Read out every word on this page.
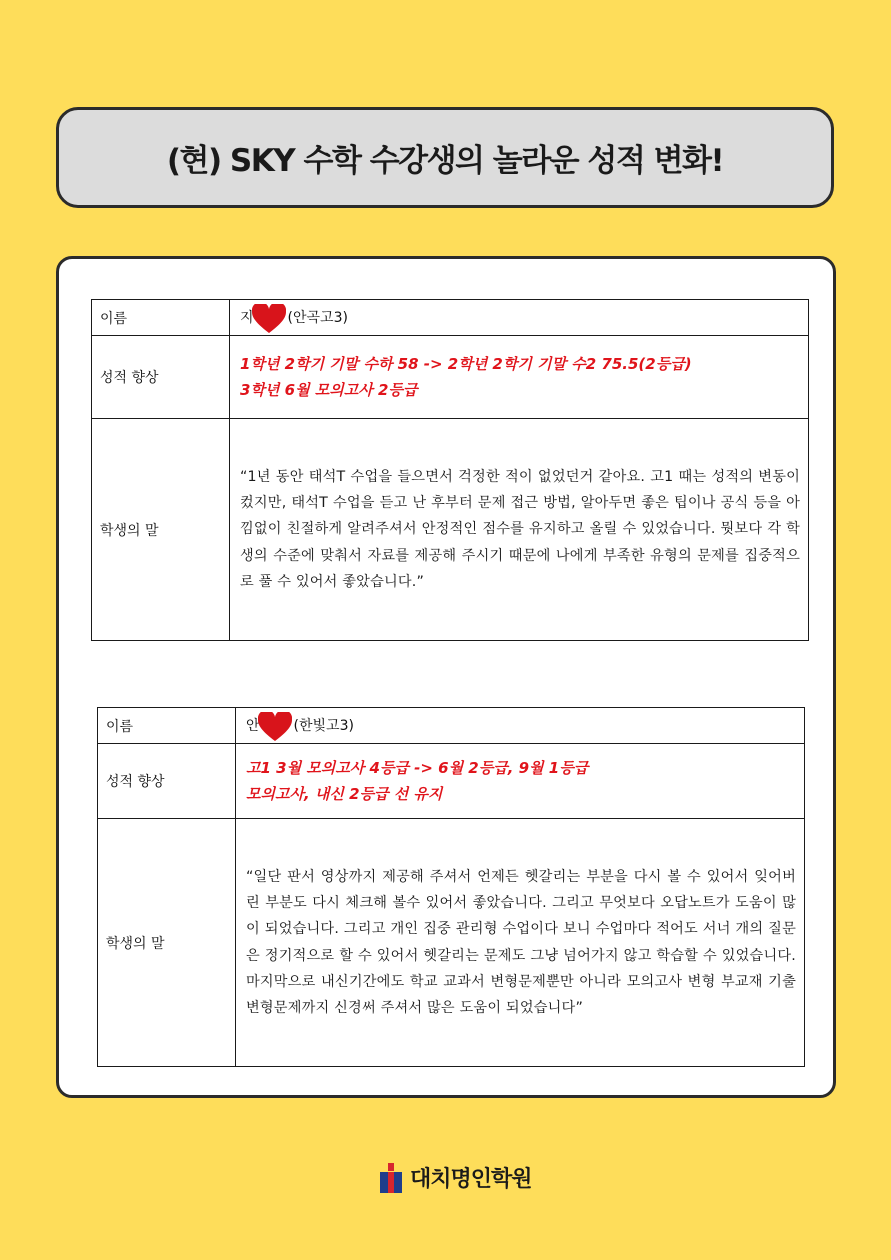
(현) SKY 수학 수강생의 놀라운 성적 변화!
이름	지 (안곡고3)
성적 향상	1학년 2학기 기말 수하 58 -> 2학년 2학기 기말 수2 75.5(2등급)
3학년 6월 모의고사 2등급

학생의 말	“1년 동안 태석T 수업을 들으면서 걱정한 적이 없었던거 같아요. 고1 때는 성적의 변동이 컸지만, 태석T 수업을 듣고 난 후부터 문제 접근 방법, 알아두면 좋은 팁이나 공식 등을 아낌없이 친절하게 알려주셔서 안정적인 점수를 유지하고 올릴 수 있었습니다. 뭣보다 각 학생의 수준에 맞춰서 자료를 제공해 주시기 때문에 나에게 부족한 유형의 문제를 집중적으로 풀 수 있어서 좋았습니다.”
이름	안 (한빛고3)
성적 향상	고1 3월 모의고사 4등급 -> 6월 2등급, 9월 1등급
모의고사, 내신 2등급 선 유지

학생의 말	“일단 판서 영상까지 제공해 주셔서 언제든 헷갈리는 부분을 다시 볼 수 있어서 잊어버린 부분도 다시 체크해 볼수 있어서 좋았습니다. 그리고 무엇보다 오답노트가 도움이 많이 되었습니다. 그리고 개인 집중 관리형 수업이다 보니 수업마다 적어도 서너 개의 질문은 정기적으로 할 수 있어서 헷갈리는 문제도 그냥 넘어가지 않고 학습할 수 있었습니다. 마지막으로 내신기간에도 학교 교과서 변형문제뿐만 아니라 모의고사 변형 부교재 기출 변형문제까지 신경써 주셔서 많은 도움이 되었습니다”
대치명인학원
